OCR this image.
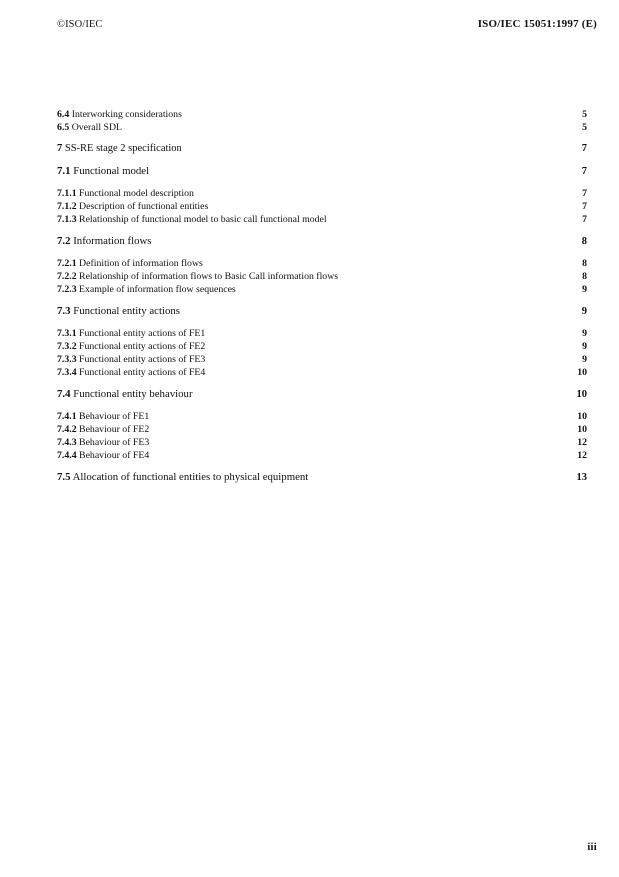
©ISO/IEC	ISO/IEC 15051:1997 (E)
6.4 Interworking considerations	5
6.5 Overall SDL	5
7 SS-RE stage 2 specification	7
7.1 Functional model	7
7.1.1 Functional model description	7
7.1.2 Description of functional entities	7
7.1.3 Relationship of functional model to basic call functional model	7
7.2 Information flows	8
7.2.1 Definition of information flows	8
7.2.2 Relationship of information flows to Basic Call information flows	8
7.2.3 Example of information flow sequences	9
7.3 Functional entity actions	9
7.3.1 Functional entity actions of FE1	9
7.3.2 Functional entity actions of FE2	9
7.3.3 Functional entity actions of FE3	9
7.3.4 Functional entity actions of FE4	10
7.4 Functional entity behaviour	10
7.4.1 Behaviour of FE1	10
7.4.2 Behaviour of FE2	10
7.4.3 Behaviour of FE3	12
7.4.4 Behaviour of FE4	12
7.5 Allocation of functional entities to physical equipment	13
iii
